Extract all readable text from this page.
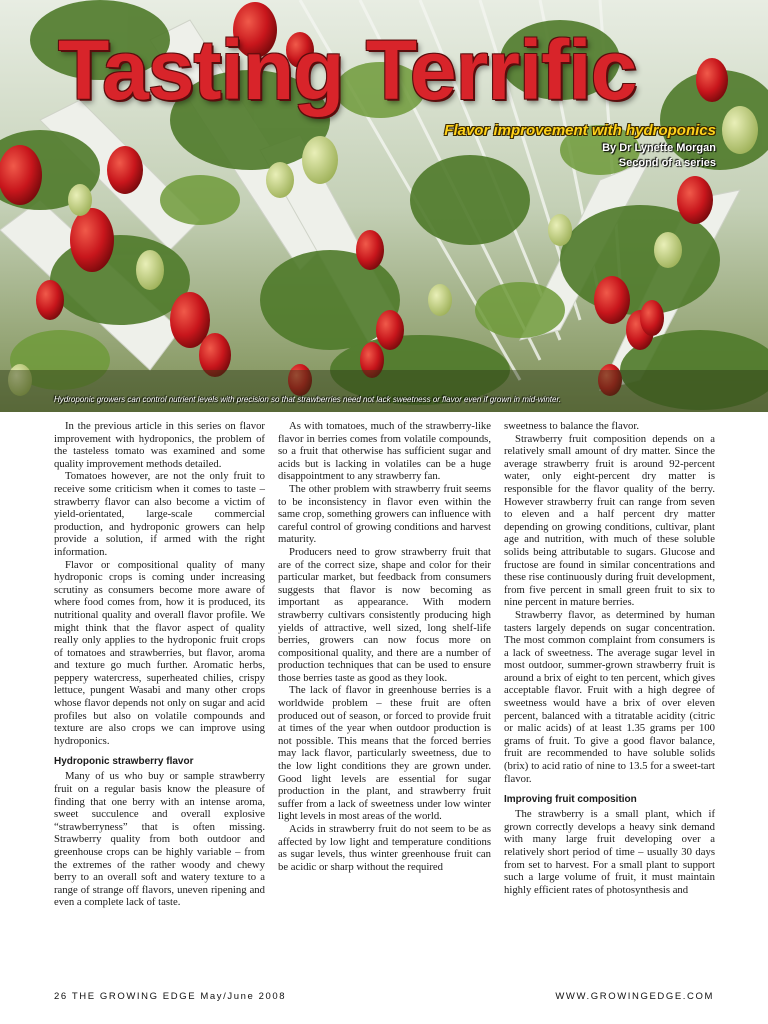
Tasting Terrific
Flavor improvement with hydroponics
By Dr Lynette Morgan
Second of a series
Hydroponic growers can control nutrient levels with precision so that strawberries need not lack sweetness or flavor even if grown in mid-winter.

In the previous article in this series on flavor improvement with hydroponics, the problem of the tasteless tomato was examined and some quality improvement methods detailed.

Tomatoes however, are not the only fruit to receive some criticism when it comes to taste – strawberry flavor can also become a victim of yield-orientated, large-scale commercial production, and hydroponic growers can help provide a solution, if armed with the right information.

Flavor or compositional quality of many hydroponic crops is coming under increasing scrutiny as consumers become more aware of where food comes from, how it is produced, its nutritional quality and overall flavor profile. We might think that the flavor aspect of quality really only applies to the hydroponic fruit crops of tomatoes and strawberries, but flavor, aroma and texture go much further. Aromatic herbs, peppery watercress, superheated chilies, crispy lettuce, pungent Wasabi and many other crops whose flavor depends not only on sugar and acid profiles but also on volatile compounds and texture are also crops we can improve using hydroponics.

Hydroponic strawberry flavor

Many of us who buy or sample strawberry fruit on a regular basis know the pleasure of finding that one berry with an intense aroma, sweet succulence and overall explosive “strawberryness” that is often missing. Strawberry quality from both outdoor and greenhouse crops can be highly variable – from the extremes of the rather woody and chewy berry to an overall soft and watery texture to a range of strange off flavors, uneven ripening and even a complete lack of taste.

As with tomatoes, much of the strawberry-like flavor in berries comes from volatile compounds, so a fruit that otherwise has sufficient sugar and acids but is lacking in volatiles can be a huge disappointment to any strawberry fan.

The other problem with strawberry fruit seems to be inconsistency in flavor even within the same crop, something growers can influence with careful control of growing conditions and harvest maturity.

Producers need to grow strawberry fruit that are of the correct size, shape and color for their particular market, but feedback from consumers suggests that flavor is now becoming as important as appearance. With modern strawberry cultivars consistently producing high yields of attractive, well sized, long shelf-life berries, growers can now focus more on compositional quality, and there are a number of production techniques that can be used to ensure those berries taste as good as they look.

The lack of flavor in greenhouse berries is a worldwide problem – these fruit are often produced out of season, or forced to provide fruit at times of the year when outdoor production is not possible. This means that the forced berries may lack flavor, particularly sweetness, due to the low light conditions they are grown under. Good light levels are essential for sugar production in the plant, and strawberry fruit suffer from a lack of sweetness under low winter light levels in most areas of the world.

Acids in strawberry fruit do not seem to be as affected by low light and temperature conditions as sugar levels, thus winter greenhouse fruit can be acidic or sharp without the required

sweetness to balance the flavor.

Strawberry fruit composition depends on a relatively small amount of dry matter. Since the average strawberry fruit is around 92-percent water, only eight-percent dry matter is responsible for the flavor quality of the berry. However strawberry fruit can range from seven to eleven and a half percent dry matter depending on growing conditions, cultivar, plant age and nutrition, with much of these soluble solids being attributable to sugars. Glucose and fructose are found in similar concentrations and these rise continuously during fruit development, from five percent in small green fruit to six to nine percent in mature berries.

Strawberry flavor, as determined by human tasters largely depends on sugar concentration. The most common complaint from consumers is a lack of sweetness. The average sugar level in most outdoor, summer-grown strawberry fruit is around a brix of eight to ten percent, which gives acceptable flavor. Fruit with a high degree of sweetness would have a brix of over eleven percent, balanced with a titratable acidity (citric or malic acids) of at least 1.35 grams per 100 grams of fruit. To give a good flavor balance, fruit are recommended to have soluble solids (brix) to acid ratio of nine to 13.5 for a sweet-tart flavor.

Improving fruit composition

The strawberry is a small plant, which if grown correctly develops a heavy sink demand with many large fruit developing over a relatively short period of time – usually 30 days from set to harvest. For a small plant to support such a large volume of fruit, it must maintain highly efficient rates of photosynthesis and

26 THE GROWING EDGE May/June 2008	WWW.GROWINGEDGE.COM
